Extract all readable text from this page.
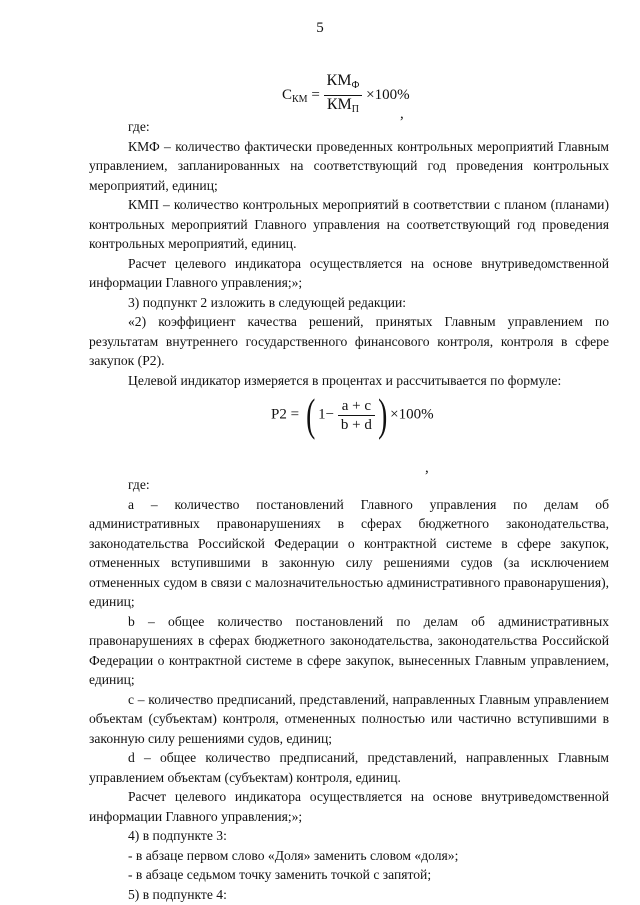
5
$С_{КМ} = \frac{КМ_Ф}{КМ_П} \times 100\%$
,

где:

КМФ – количество фактически проведенных контрольных мероприятий Главным управлением, запланированных на соответствующий год проведения контрольных мероприятий, единиц;

КМП – количество контрольных мероприятий в соответствии с планом (планами) контрольных мероприятий Главного управления на соответствующий год проведения контрольных мероприятий, единиц.

Расчет целевого индикатора осуществляется на основе внутриведомственной информации Главного управления;»;

3) подпункт 2 изложить в следующей редакции:

«2) коэффициент качества решений, принятых Главным управлением по результатам внутреннего государственного финансового контроля, контроля в сфере закупок (Р2).

Целевой индикатор измеряется в процентах и рассчитывается по формуле:

Р2 = ( $1- \frac{a + c}{b + d}$ ) ×100%
,

где:

a – количество постановлений Главного управления по делам об административных правонарушениях в сферах бюджетного законодательства, законодательства Российской Федерации о контрактной системе в сфере закупок, отмененных вступившими в законную силу решениями судов (за исключением отмененных судом в связи с малозначительностью административного правонарушения), единиц;

b – общее количество постановлений по делам об административных правонарушениях в сферах бюджетного законодательства, законодательства Российской Федерации о контрактной системе в сфере закупок, вынесенных Главным управлением, единиц;

c – количество предписаний, представлений, направленных Главным управлением объектам (субъектам) контроля, отмененных полностью или частично вступившими в законную силу решениями судов, единиц;

d – общее количество предписаний, представлений, направленных Главным управлением объектам (субъектам) контроля, единиц.

Расчет целевого индикатора осуществляется на основе внутриведомственной информации Главного управления;»;

4) в подпункте 3:

- в абзаце первом слово «Доля» заменить словом «доля»;

- в абзаце седьмом точку заменить точкой с запятой;

5) в подпункте 4:
